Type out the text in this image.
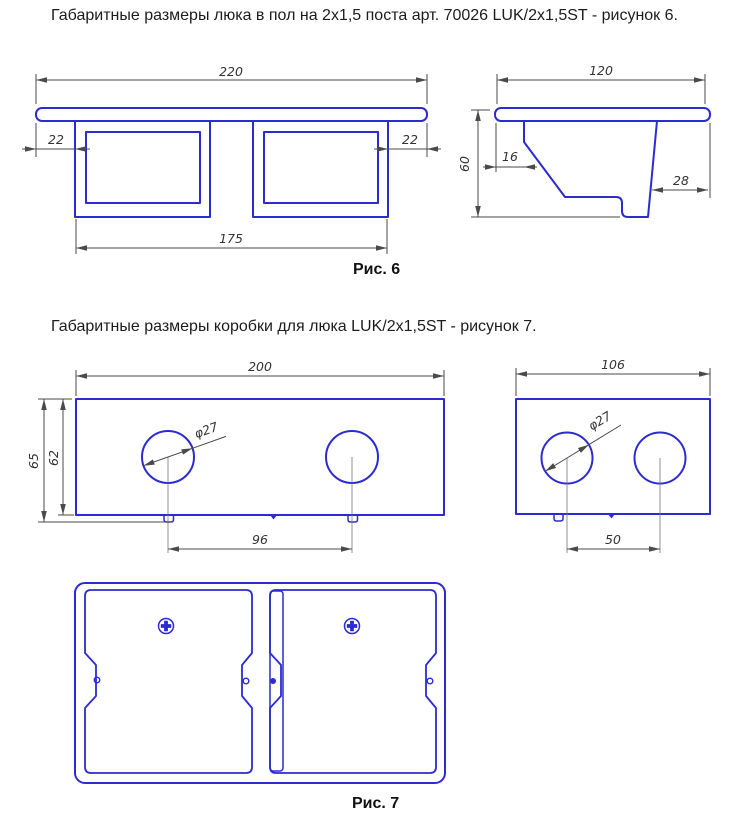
Габаритные размеры люка в пол на 2х1,5 поста арт. 70026 LUK/2х1,5ST - рисунок 6.
220
22	22
175
120
60 16
28
Рис. 6
Габаритные размеры коробки для люка LUK/2х1,5ST - рисунок 7.
200
65 62
96
φ27
106
50
φ27
Рис. 7
